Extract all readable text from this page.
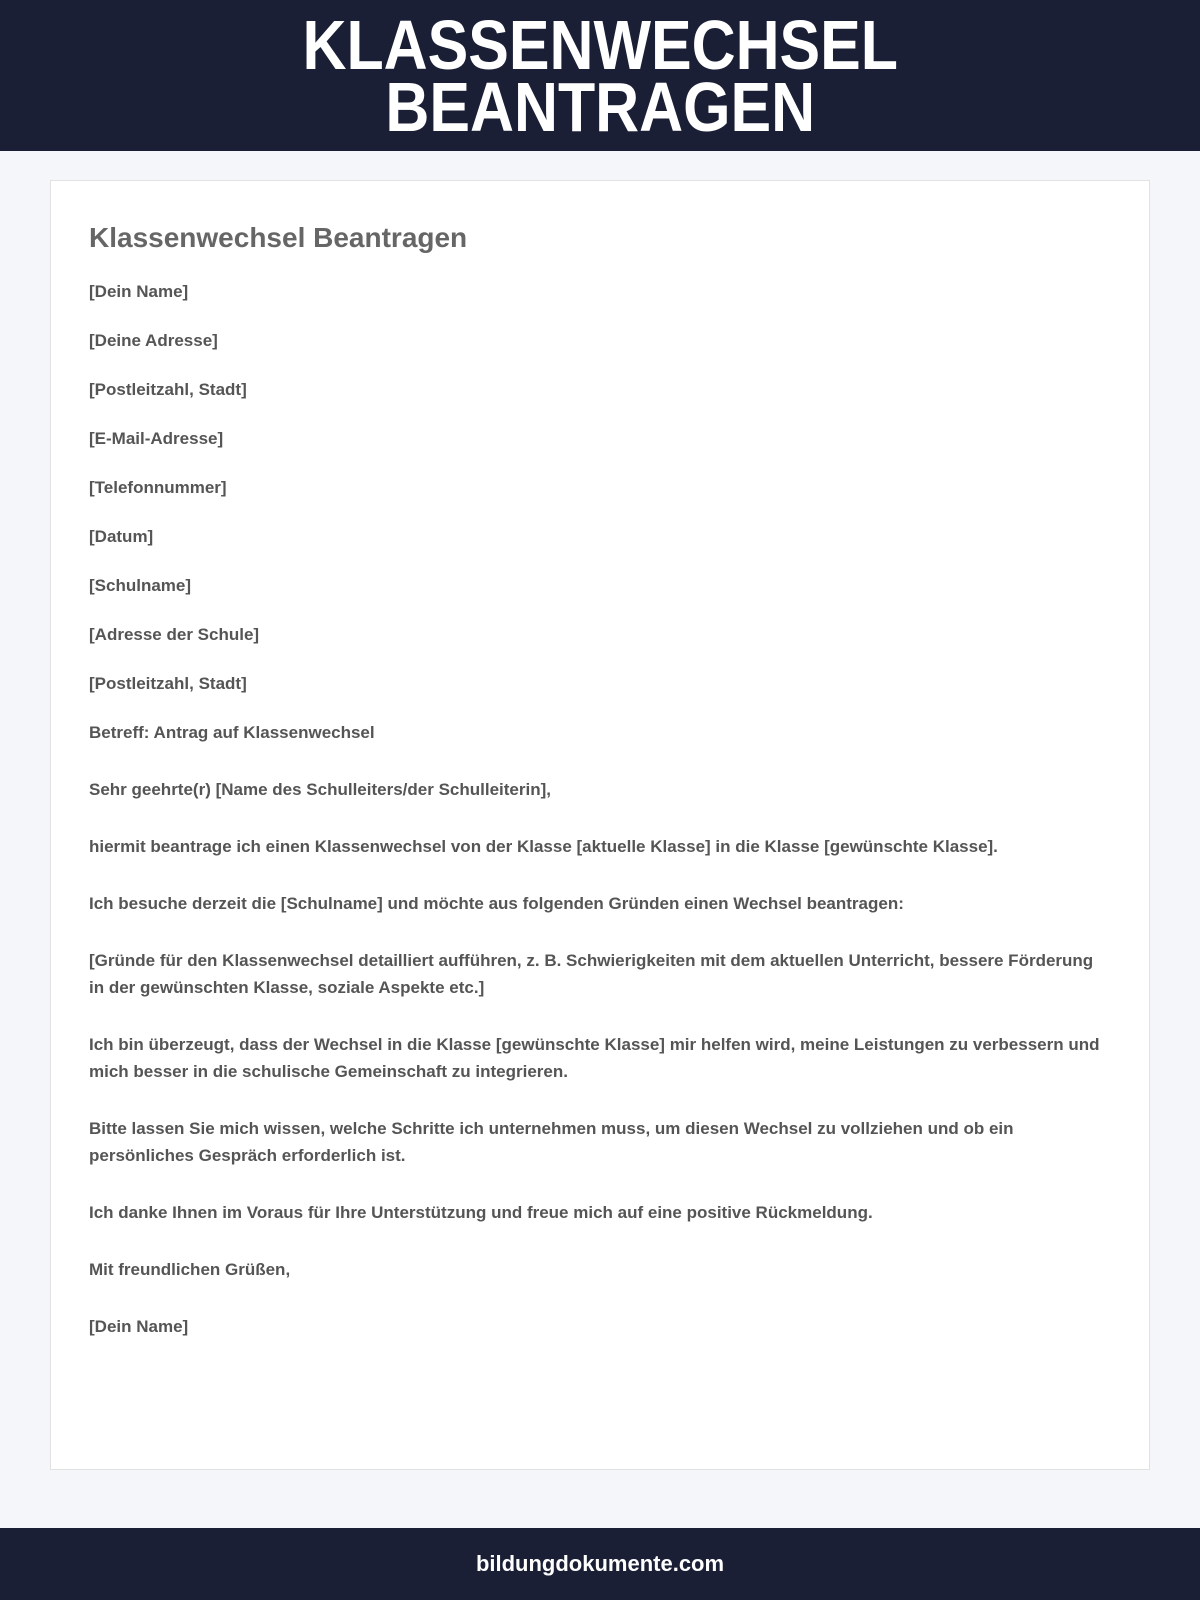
KLASSENWECHSEL
BEANTRAGEN
Klassenwechsel Beantragen
[Dein Name]
[Deine Adresse]
[Postleitzahl, Stadt]
[E-Mail-Adresse]
[Telefonnummer]
[Datum]
[Schulname]
[Adresse der Schule]
[Postleitzahl, Stadt]

Betreff: Antrag auf Klassenwechsel

Sehr geehrte(r) [Name des Schulleiters/der Schulleiterin],

hiermit beantrage ich einen Klassenwechsel von der Klasse [aktuelle Klasse] in die Klasse [gewünschte Klasse].

Ich besuche derzeit die [Schulname] und möchte aus folgenden Gründen einen Wechsel beantragen:

[Gründe für den Klassenwechsel detailliert aufführen, z. B. Schwierigkeiten mit dem aktuellen Unterricht, bessere Förderung in der gewünschten Klasse, soziale Aspekte etc.]

Ich bin überzeugt, dass der Wechsel in die Klasse [gewünschte Klasse] mir helfen wird, meine Leistungen zu verbessern und mich besser in die schulische Gemeinschaft zu integrieren.

Bitte lassen Sie mich wissen, welche Schritte ich unternehmen muss, um diesen Wechsel zu vollziehen und ob ein persönliches Gespräch erforderlich ist.

Ich danke Ihnen im Voraus für Ihre Unterstützung und freue mich auf eine positive Rückmeldung.

Mit freundlichen Grüßen,

[Dein Name]

bildungdokumente.com
